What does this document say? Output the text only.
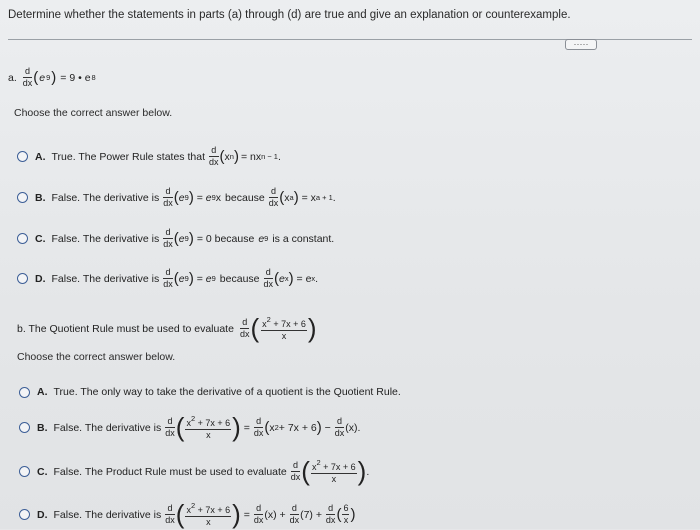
Determine whether the statements in parts (a) through (d) are true and give an explanation or counterexample.
·····
a. $\frac{d}{dx}$ ( e 9 ) = 9 • e 8
Choose the correct answer below.
A. True. The Power Rule states that $\frac{d}{dx}$ ( x n ) = nx n − 1 .
B. False. The derivative is $\frac{d}{dx}$ ( e 9 ) = e 9 x because $\frac{d}{dx}$ ( x a ) = x a + 1 .
C. False. The derivative is $\frac{d}{dx}$ ( e 9 ) = 0 because e 9 is a constant.
D. False. The derivative is $\frac{d}{dx}$ ( e 9 ) = e 9 because $\frac{d}{dx}$ ( e x )
= e x .
b. The Quotient Rule must be used to evaluate $\frac{d}{dx}$ ( $\frac{x^2 + 7x + 6}{x}$ )
Choose the correct answer below.
A. True. The only way to take the derivative of a quotient is the Quotient Rule.
B. False. The derivative is $\frac{d}{dx}$ ( $\frac{x^2 + 7x + 6}{x}$ )
=
$\frac{d}{dx}$ ( x 2 + 7x + 6 )
−
$\frac{d}{dx} (x)$ .
C. False. The Product Rule must be used to evaluate $\frac{d}{dx}$ ( $\frac{x^2 + 7x + 6}{x}$ ) .
D. False. The derivative is $\frac{d}{dx}$ ( $\frac{x^2 + 7x + 6}{x}$ )
=
$\frac{d}{dx} (x)$
+
$\frac{d}{dx} (7)$
+
$\frac{d}{dx}$ ( $\frac{6}{x}$ )
